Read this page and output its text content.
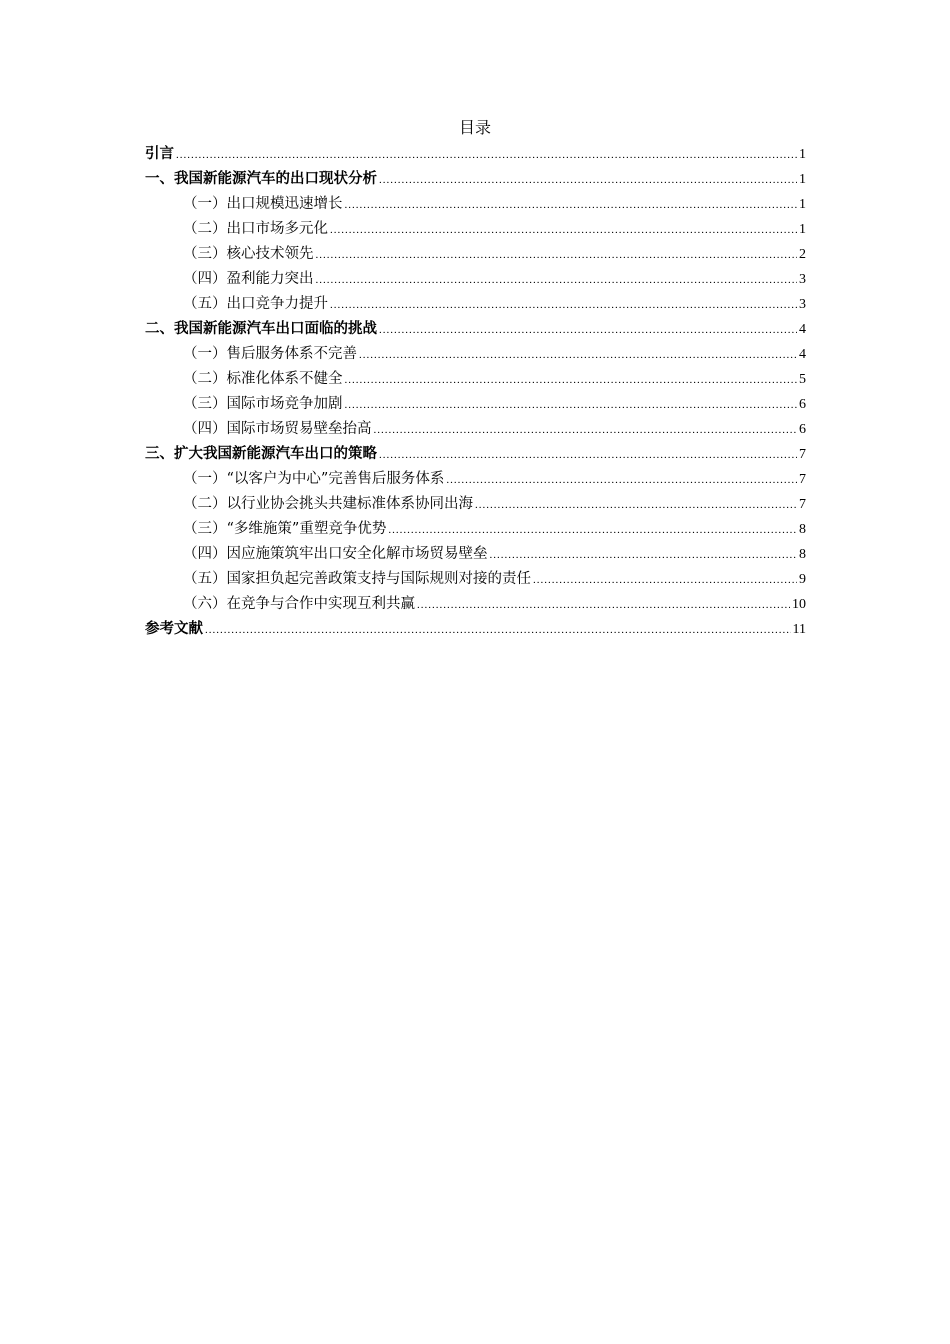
目录
引言 .....	1
一、我国新能源汽车的出口现状分析 .....	1
（一）出口规模迅速增长 .....	1
（二）出口市场多元化 .....	1
（三）核心技术领先 .....	2
（四）盈利能力突出 .....	3
（五）出口竞争力提升 .....	3
二、我国新能源汽车出口面临的挑战 .....	4
（一）售后服务体系不完善 .....	4
（二）标准化体系不健全 .....	5
（三）国际市场竞争加剧 .....	6
（四）国际市场贸易壁垒抬高 .....	6
三、扩大我国新能源汽车出口的策略 .....	7
（一）“以客户为中心”完善售后服务体系 .....	7
（二）以行业协会挑头共建标准体系协同出海 .....	7
（三）“多维施策”重塑竞争优势 .....	8
（四）因应施策筑牢出口安全化解市场贸易壁垒 .....	8
（五）国家担负起完善政策支持与国际规则对接的责任 .....	9
（六）在竞争与合作中实现互利共赢 .....	10
参考文献 .....	11
